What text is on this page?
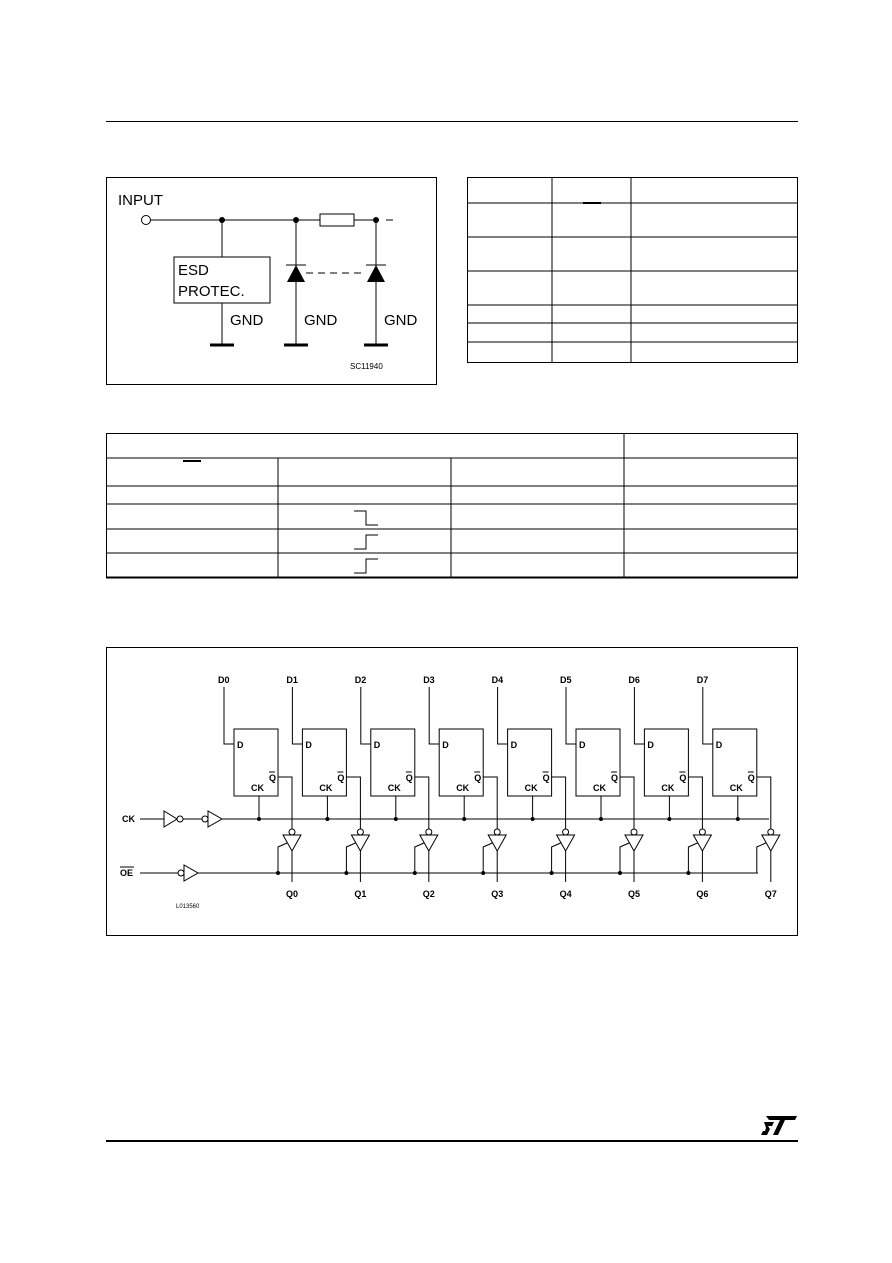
INPUT
ESD
PROTEC.
GND	GND	GND
SC11940
D0
D
CK
Q
Q0
D1
D
CK
Q
Q1
D2
D
CK
Q
Q2
D3
D
CK
Q
Q3
D4
D
CK
Q
Q4
D5
D
CK
Q
Q5
D6
D
CK
Q
Q6
D7
D
CK
Q
Q7
CK
OE
L013560
ST
